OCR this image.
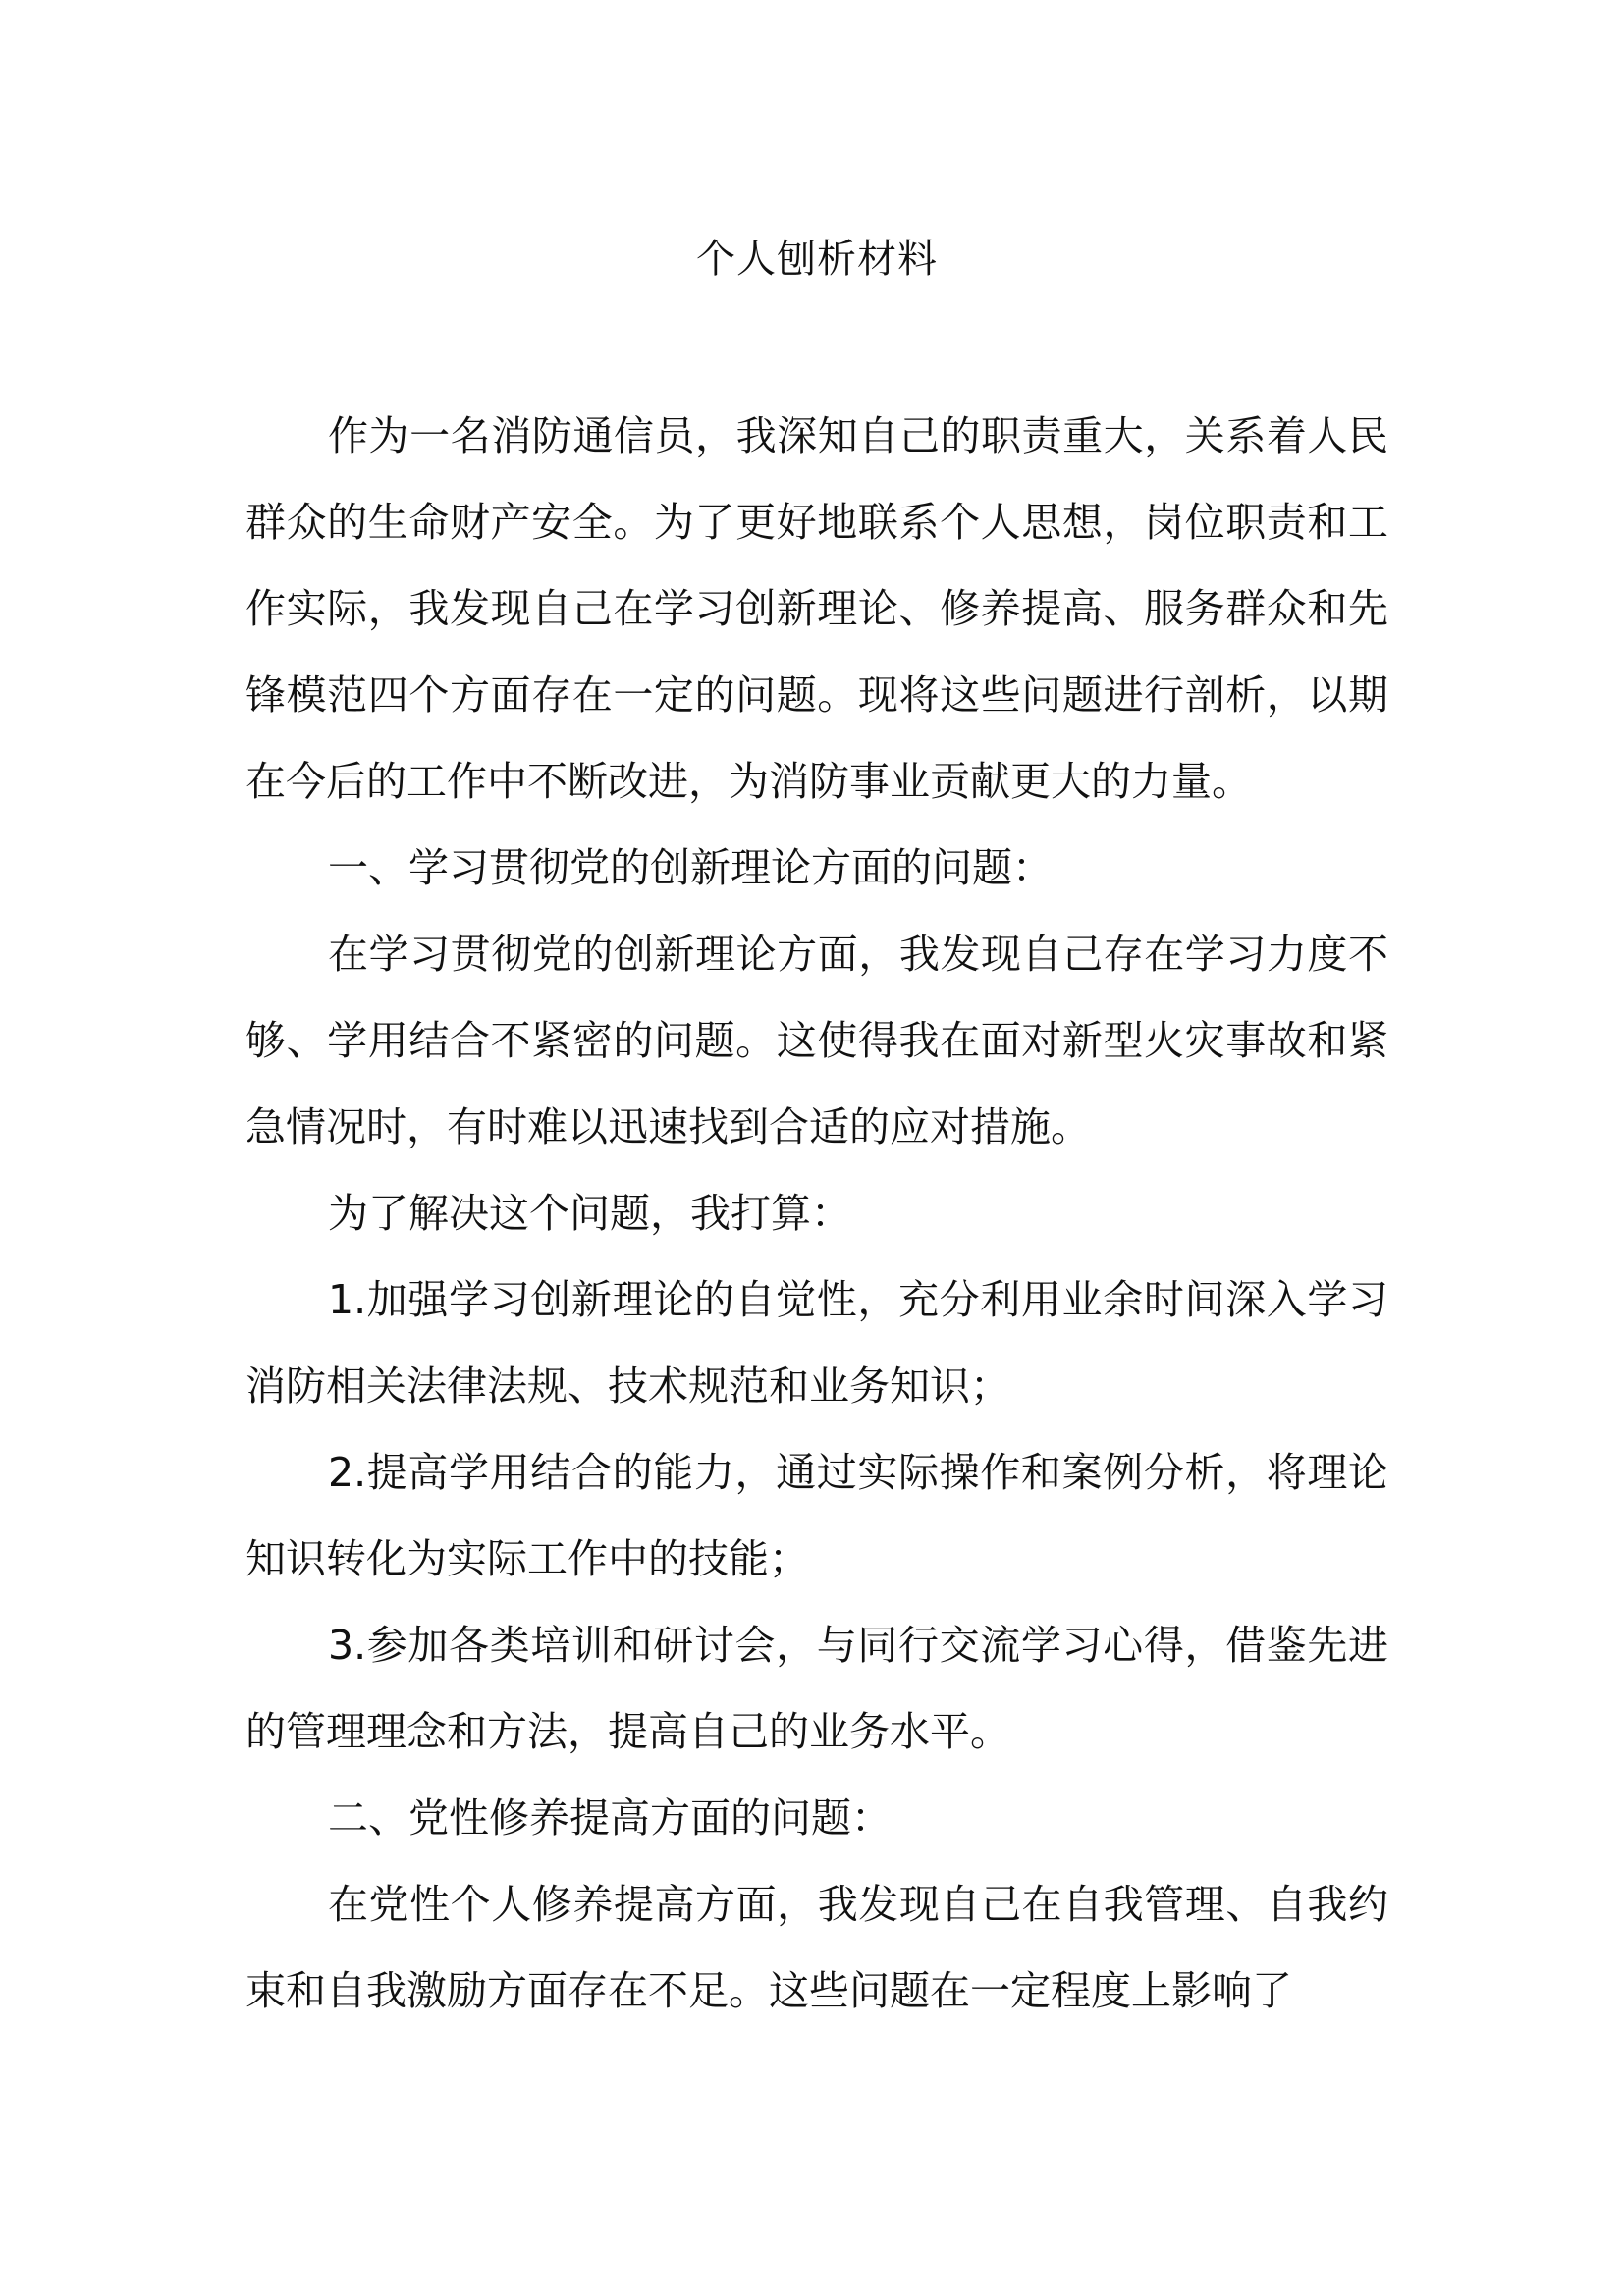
个人刨析材料

作为一名消防通信员，我深知自己的职责重大，关系着人民群众的生命财产安全。为了更好地联系个人思想，岗位职责和工作实际，我发现自己在学习创新理论、修养提高、服务群众和先锋模范四个方面存在一定的问题。现将这些问题进行剖析，以期在今后的工作中不断改进，为消防事业贡献更大的力量。

一、学习贯彻党的创新理论方面的问题：

在学习贯彻党的创新理论方面，我发现自己存在学习力度不够、学用结合不紧密的问题。这使得我在面对新型火灾事故和紧急情况时，有时难以迅速找到合适的应对措施。

为了解决这个问题，我打算：

1.加强学习创新理论的自觉性，充分利用业余时间深入学习消防相关法律法规、技术规范和业务知识；

2.提高学用结合的能力，通过实际操作和案例分析，将理论知识转化为实际工作中的技能；

3.参加各类培训和研讨会，与同行交流学习心得，借鉴先进的管理理念和方法，提高自己的业务水平。

二、党性修养提高方面的问题：

在党性个人修养提高方面，我发现自己在自我管理、自我约束和自我激励方面存在不足。这些问题在一定程度上影响了
